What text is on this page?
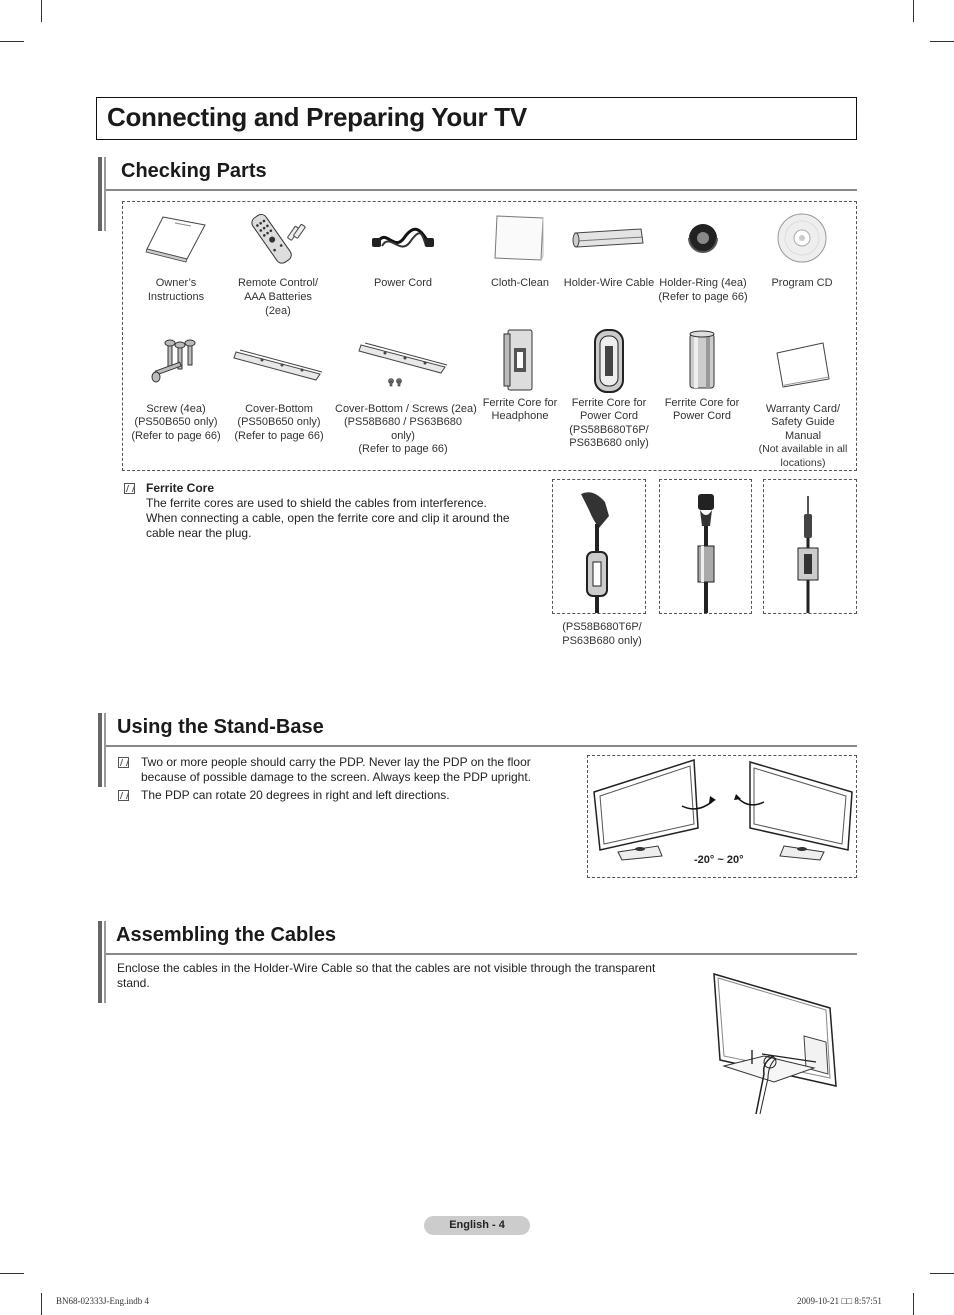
Connecting and Preparing Your TV
Checking Parts
Owner’s
Instructions
Remote Control/
AAA Batteries (2ea)
Power Cord	Cloth-Clean	Holder-Wire Cable Holder-Ring (4ea)
(Refer to page 66)
Program CD
Screw (4ea)
(PS50B650 only)
(Refer to page 66)
Cover-Bottom
(PS50B650 only)
(Refer to page 66)
Cover-Bottom / Screws (2ea)
(PS58B680 / PS63B680 only)
(Refer to page 66)
Ferrite Core for
Headphone
Ferrite Core for
Power Cord
(PS58B680T6P/
PS63B680 only)
Ferrite Core for
Power Cord
Warranty Card/
Safety Guide Manual
(Not available in all
locations)
Ferrite Core
The ferrite cores are used to shield the cables from interference.
When connecting a cable, open the ferrite core and clip it around the
cable near the plug.
(PS58B680T6P/
PS63B680 only)
Using the Stand-Base
Two or more people should carry the PDP. Never lay the PDP on the floor
because of possible damage to the screen. Always keep the PDP upright.
The PDP can rotate 20 degrees in right and left directions.
-20° ~ 20°
Assembling the Cables
Enclose the cables in the Holder-Wire Cable so that the cables are not visible through the transparent
stand.
English - 4
BN68-02333J-Eng.indb 4	2009-10-21 □□ 8:57:51
